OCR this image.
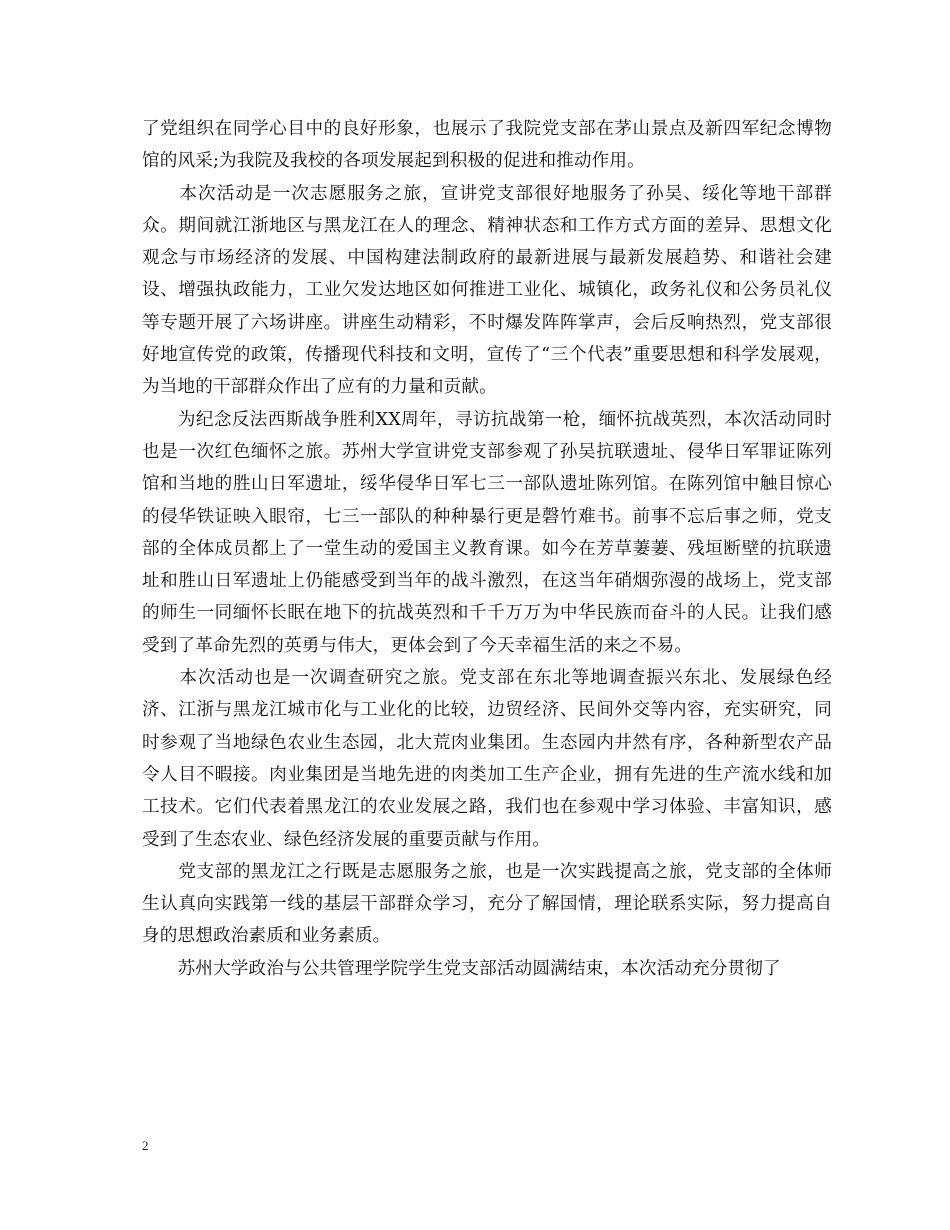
了党组织在同学心目中的良好形象，也展示了我院党支部在茅山景点及新四军纪念博物馆的风采;为我院及我校的各项发展起到积极的促进和推动作用。

　　本次活动是一次志愿服务之旅，宣讲党支部很好地服务了孙吴、绥化等地干部群众。期间就江浙地区与黑龙江在人的理念、精神状态和工作方式方面的差异、思想文化观念与市场经济的发展、中国构建法制政府的最新进展与最新发展趋势、和谐社会建设、增强执政能力，工业欠发达地区如何推进工业化、城镇化，政务礼仪和公务员礼仪等专题开展了六场讲座。讲座生动精彩，不时爆发阵阵掌声，会后反响热烈，党支部很好地宣传党的政策，传播现代科技和文明，宣传了“三个代表”重要思想和科学发展观，为当地的干部群众作出了应有的力量和贡献。

　　为纪念反法西斯战争胜利XX周年，寻访抗战第一枪，缅怀抗战英烈，本次活动同时也是一次红色缅怀之旅。苏州大学宣讲党支部参观了孙吴抗联遗址、侵华日军罪证陈列馆和当地的胜山日军遗址，绥华侵华日军七三一部队遗址陈列馆。在陈列馆中触目惊心的侵华铁证映入眼帘，七三一部队的种种暴行更是磬竹难书。前事不忘后事之师，党支部的全体成员都上了一堂生动的爱国主义教育课。如今在芳草萋萋、残垣断壁的抗联遗址和胜山日军遗址上仍能感受到当年的战斗激烈，在这当年硝烟弥漫的战场上，党支部的师生一同缅怀长眠在地下的抗战英烈和千千万万为中华民族而奋斗的人民。让我们感受到了革命先烈的英勇与伟大，更体会到了今天幸福生活的来之不易。

　　本次活动也是一次调查研究之旅。党支部在东北等地调查振兴东北、发展绿色经济、江浙与黑龙江城市化与工业化的比较，边贸经济、民间外交等内容，充实研究，同时参观了当地绿色农业生态园，北大荒肉业集团。生态园内井然有序，各种新型农产品令人目不暇接。肉业集团是当地先进的肉类加工生产企业，拥有先进的生产流水线和加工技术。它们代表着黑龙江的农业发展之路，我们也在参观中学习体验、丰富知识，感受到了生态农业、绿色经济发展的重要贡献与作用。

　　党支部的黑龙江之行既是志愿服务之旅，也是一次实践提高之旅，党支部的全体师生认真向实践第一线的基层干部群众学习，充分了解国情，理论联系实际，努力提高自身的思想政治素质和业务素质。

　　苏州大学政治与公共管理学院学生党支部活动圆满结束，本次活动充分贯彻了

2
